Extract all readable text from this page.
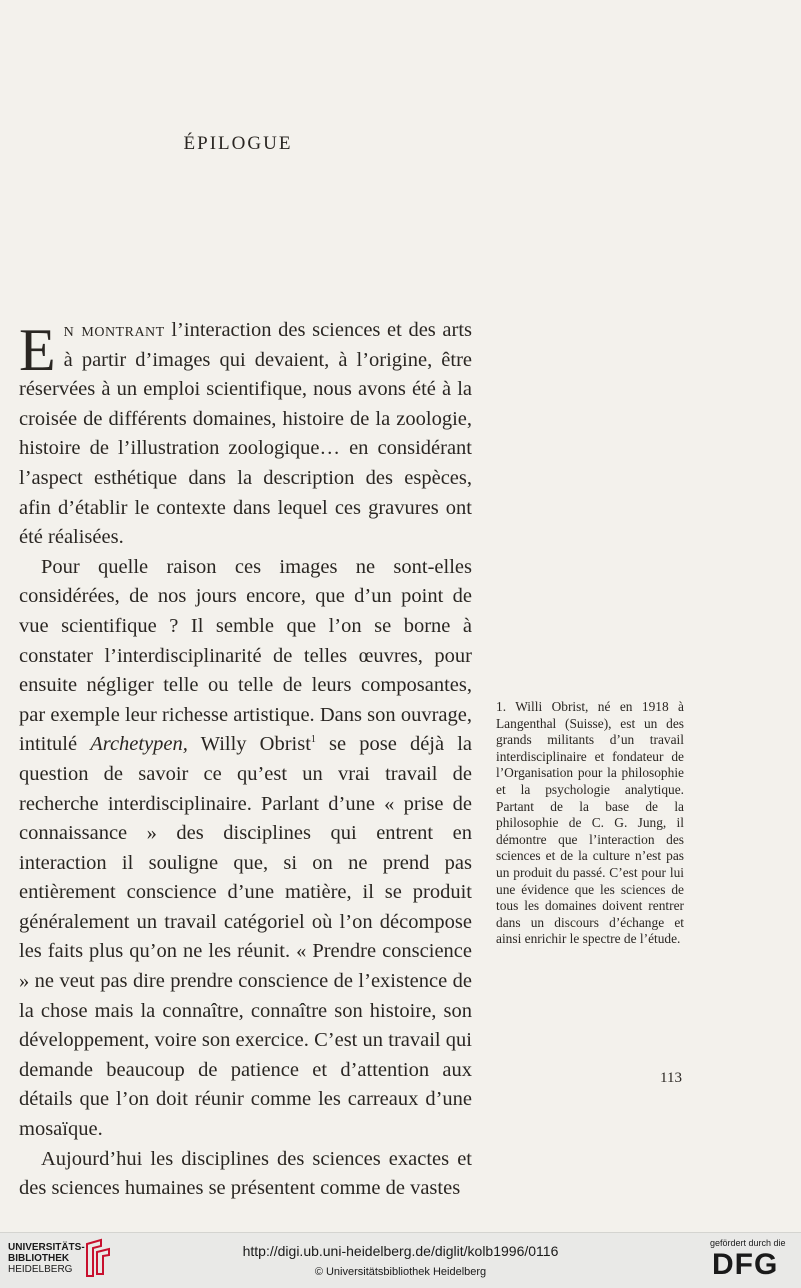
ÉPILOGUE

En montrant l’interaction des sciences et des arts à partir d’images qui devaient, à l’origine, être réservées à un emploi scientifique, nous avons été à la croisée de différents domaines, histoire de la zoologie, histoire de l’illustration zoologique… en considérant l’aspect esthétique dans la description des espèces, afin d’établir le contexte dans lequel ces gravures ont été réalisées.

Pour quelle raison ces images ne sont-elles considérées, de nos jours encore, que d’un point de vue scientifique ? Il semble que l’on se borne à constater l’interdisciplinarité de telles œuvres, pour ensuite négliger telle ou telle de leurs composantes, par exemple leur richesse artistique. Dans son ouvrage, intitulé Archetypen, Willy Obrist$^1$ se pose déjà la question de savoir ce qu’est un vrai travail de recherche interdisciplinaire. Parlant d’une « prise de connaissance » des disciplines qui entrent en interaction il souligne que, si on ne prend pas entièrement conscience d’une matière, il se produit généralement un travail catégoriel où l’on décompose les faits plus qu’on ne les réunit. « Prendre conscience » ne veut pas dire prendre conscience de l’existence de la chose mais la connaître, connaître son histoire, son développement, voire son exercice. C’est un travail qui demande beaucoup de patience et d’attention aux détails que l’on doit réunir comme les carreaux d’une mosaïque.

Aujourd’hui les disciplines des sciences exactes et des sciences humaines se présentent comme de vastes

1. Willi Obrist, né en 1918 à Langenthal (Suisse), est un des grands militants d’un travail interdisciplinaire et fondateur de l’Organisation pour la philosophie et la psychologie analytique. Partant de la base de la philosophie de C. G. Jung, il démontre que l’interaction des sciences et de la culture n’est pas un produit du passé. C’est pour lui une évidence que les sciences de tous les domaines doivent rentrer dans un discours d’échange et ainsi enrichir le spectre de l’étude.
113
UNIVERSITÄTS-
BIBLIOTHEK
HEIDELBERG
http://digi.ub.uni-heidelberg.de/diglit/kolb1996/0116
© Universitätsbibliothek Heidelberg
gefördert durch die
DFG
